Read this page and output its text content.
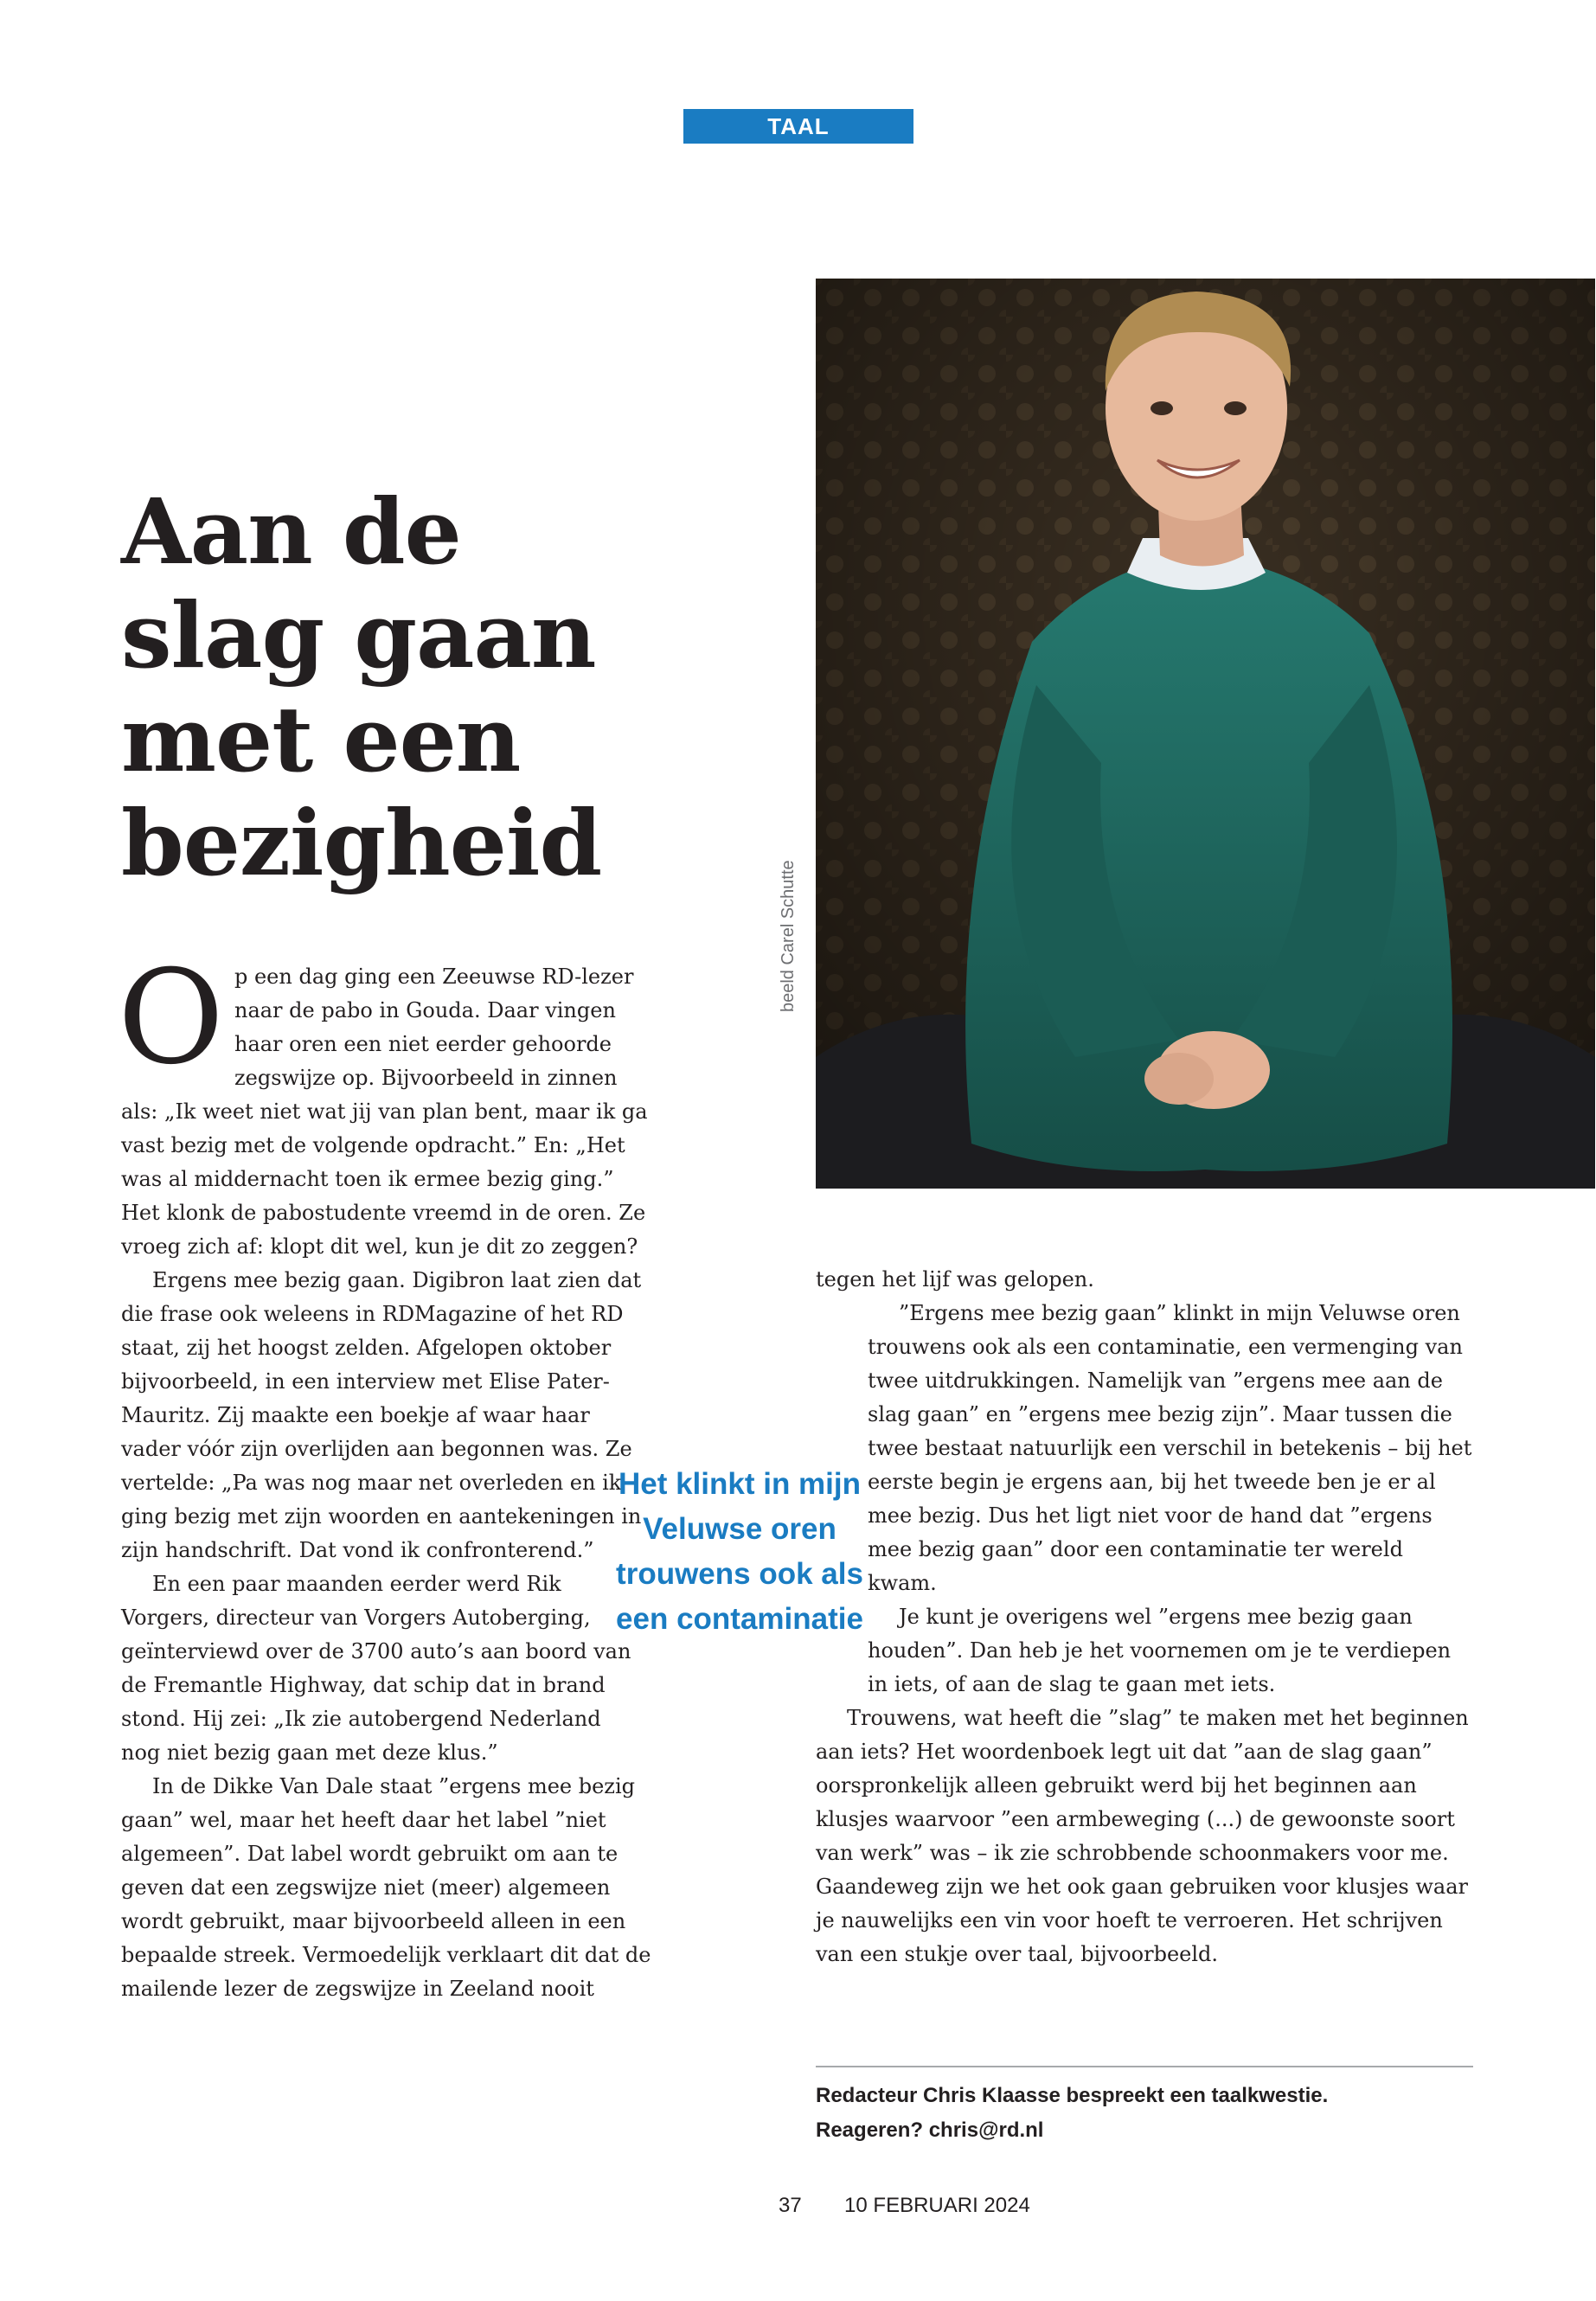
TAAL
Aan de slag gaan met een bezigheid
beeld Carel Schutte

Op een dag ging een Zeeuwse RD-lezer naar de pabo in Gouda. Daar vingen haar oren een niet eerder gehoorde zegswijze op. Bijvoorbeeld in zinnen als: „Ik weet niet wat jij van plan bent, maar ik ga vast bezig met de volgende opdracht.” En: „Het was al middernacht toen ik ermee bezig ging.” Het klonk de pabostudente vreemd in de oren. Ze vroeg zich af: klopt dit wel, kun je dit zo zeggen?

Ergens mee bezig gaan. Digibron laat zien dat die frase ook weleens in RDMagazine of het RD staat, zij het hoogst zelden. Afgelopen oktober bijvoorbeeld, in een interview met Elise Pater-Mauritz. Zij maakte een boekje af waar haar vader vóór zijn overlijden aan begonnen was. Ze vertelde: „Pa was nog maar net overleden en ik ging bezig met zijn woorden en aantekeningen in zijn handschrift. Dat vond ik confronterend.”

En een paar maanden eerder werd Rik Vorgers, directeur van Vorgers Autoberging, geïnterviewd over de 3700 auto’s aan boord van de Fremantle Highway, dat schip dat in brand stond. Hij zei: „Ik zie autobergend Nederland nog niet bezig gaan met deze klus.”

In de Dikke Van Dale staat ”ergens mee bezig gaan” wel, maar het heeft daar het label ”niet algemeen”. Dat label wordt gebruikt om aan te geven dat een zegswijze niet (meer) algemeen wordt gebruikt, maar bijvoorbeeld alleen in een bepaalde streek. Vermoedelijk verklaart dit dat de mailende lezer de zegswijze in Zeeland nooit

Het klinkt in mijn Veluwse oren trouwens ook als een contaminatie

tegen het lijf was gelopen.

”Ergens mee bezig gaan” klinkt in mijn Veluwse oren trouwens ook als een contaminatie, een vermenging van twee uitdrukkingen. Namelijk van ”ergens mee aan de slag gaan” en ”ergens mee bezig zijn”. Maar tussen die twee bestaat natuurlijk een verschil in betekenis – bij het eerste begin je ergens aan, bij het tweede ben je er al mee bezig. Dus het ligt niet voor de hand dat ”ergens mee bezig gaan” door een contaminatie ter wereld kwam.

Je kunt je overigens wel ”ergens mee bezig gaan houden”. Dan heb je het voornemen om je te verdiepen in iets, of aan de slag te gaan met iets.

Trouwens, wat heeft die ”slag” te maken met het beginnen aan iets? Het woordenboek legt uit dat ”aan de slag gaan” oorspronkelijk alleen gebruikt werd bij het beginnen aan klusjes waarvoor ”een armbeweging (...) de gewoonste soort van werk” was – ik zie schrobbende schoonmakers voor me. Gaandeweg zijn we het ook gaan gebruiken voor klusjes waar je nauwelijks een vin voor hoeft te verroeren. Het schrijven van een stukje over taal, bijvoorbeeld.

Redacteur Chris Klaasse bespreekt een taalkwestie.
Reageren? chris@rd.nl
37 10 FEBRUARI 2024
